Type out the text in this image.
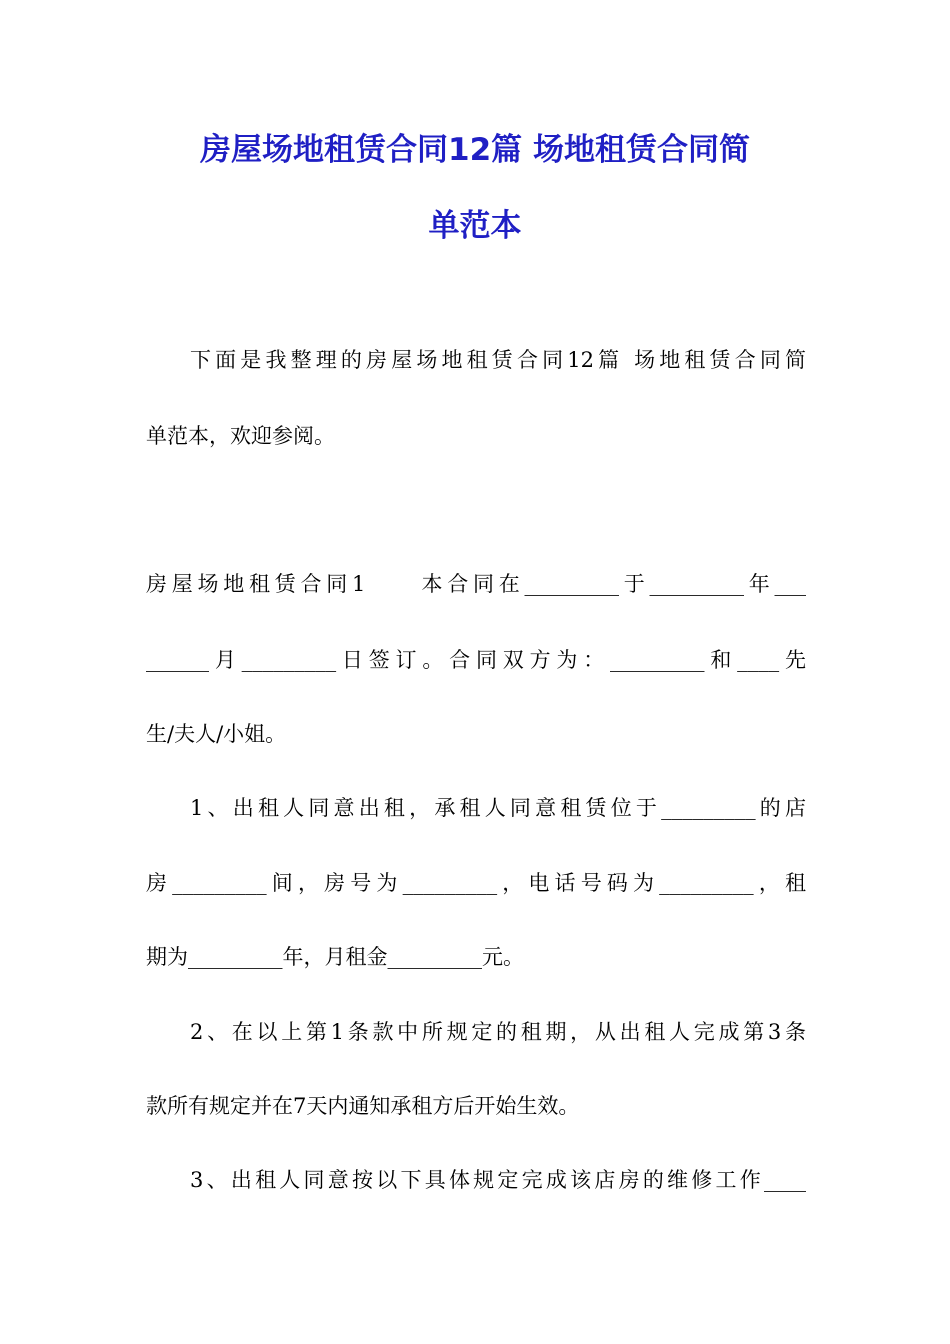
房屋场地租赁合同12篇 场地租赁合同简
单范本
下面是我整理的房屋场地租赁合同12篇 场地租赁合同简
单范本，欢迎参阅。
房屋场地租赁合同1　　本合同在_________于_________年___
______月_________日签订。合同双方为：_________和____先
生/夫人/小姐。
1、出租人同意出租，承租人同意租赁位于_________的店
房_________间，房号为_________，电话号码为_________，租
期为_________年，月租金_________元。
2、在以上第1条款中所规定的租期，从出租人完成第3条
款所有规定并在7天内通知承租方后开始生效。
3、出租人同意按以下具体规定完成该店房的维修工作____
